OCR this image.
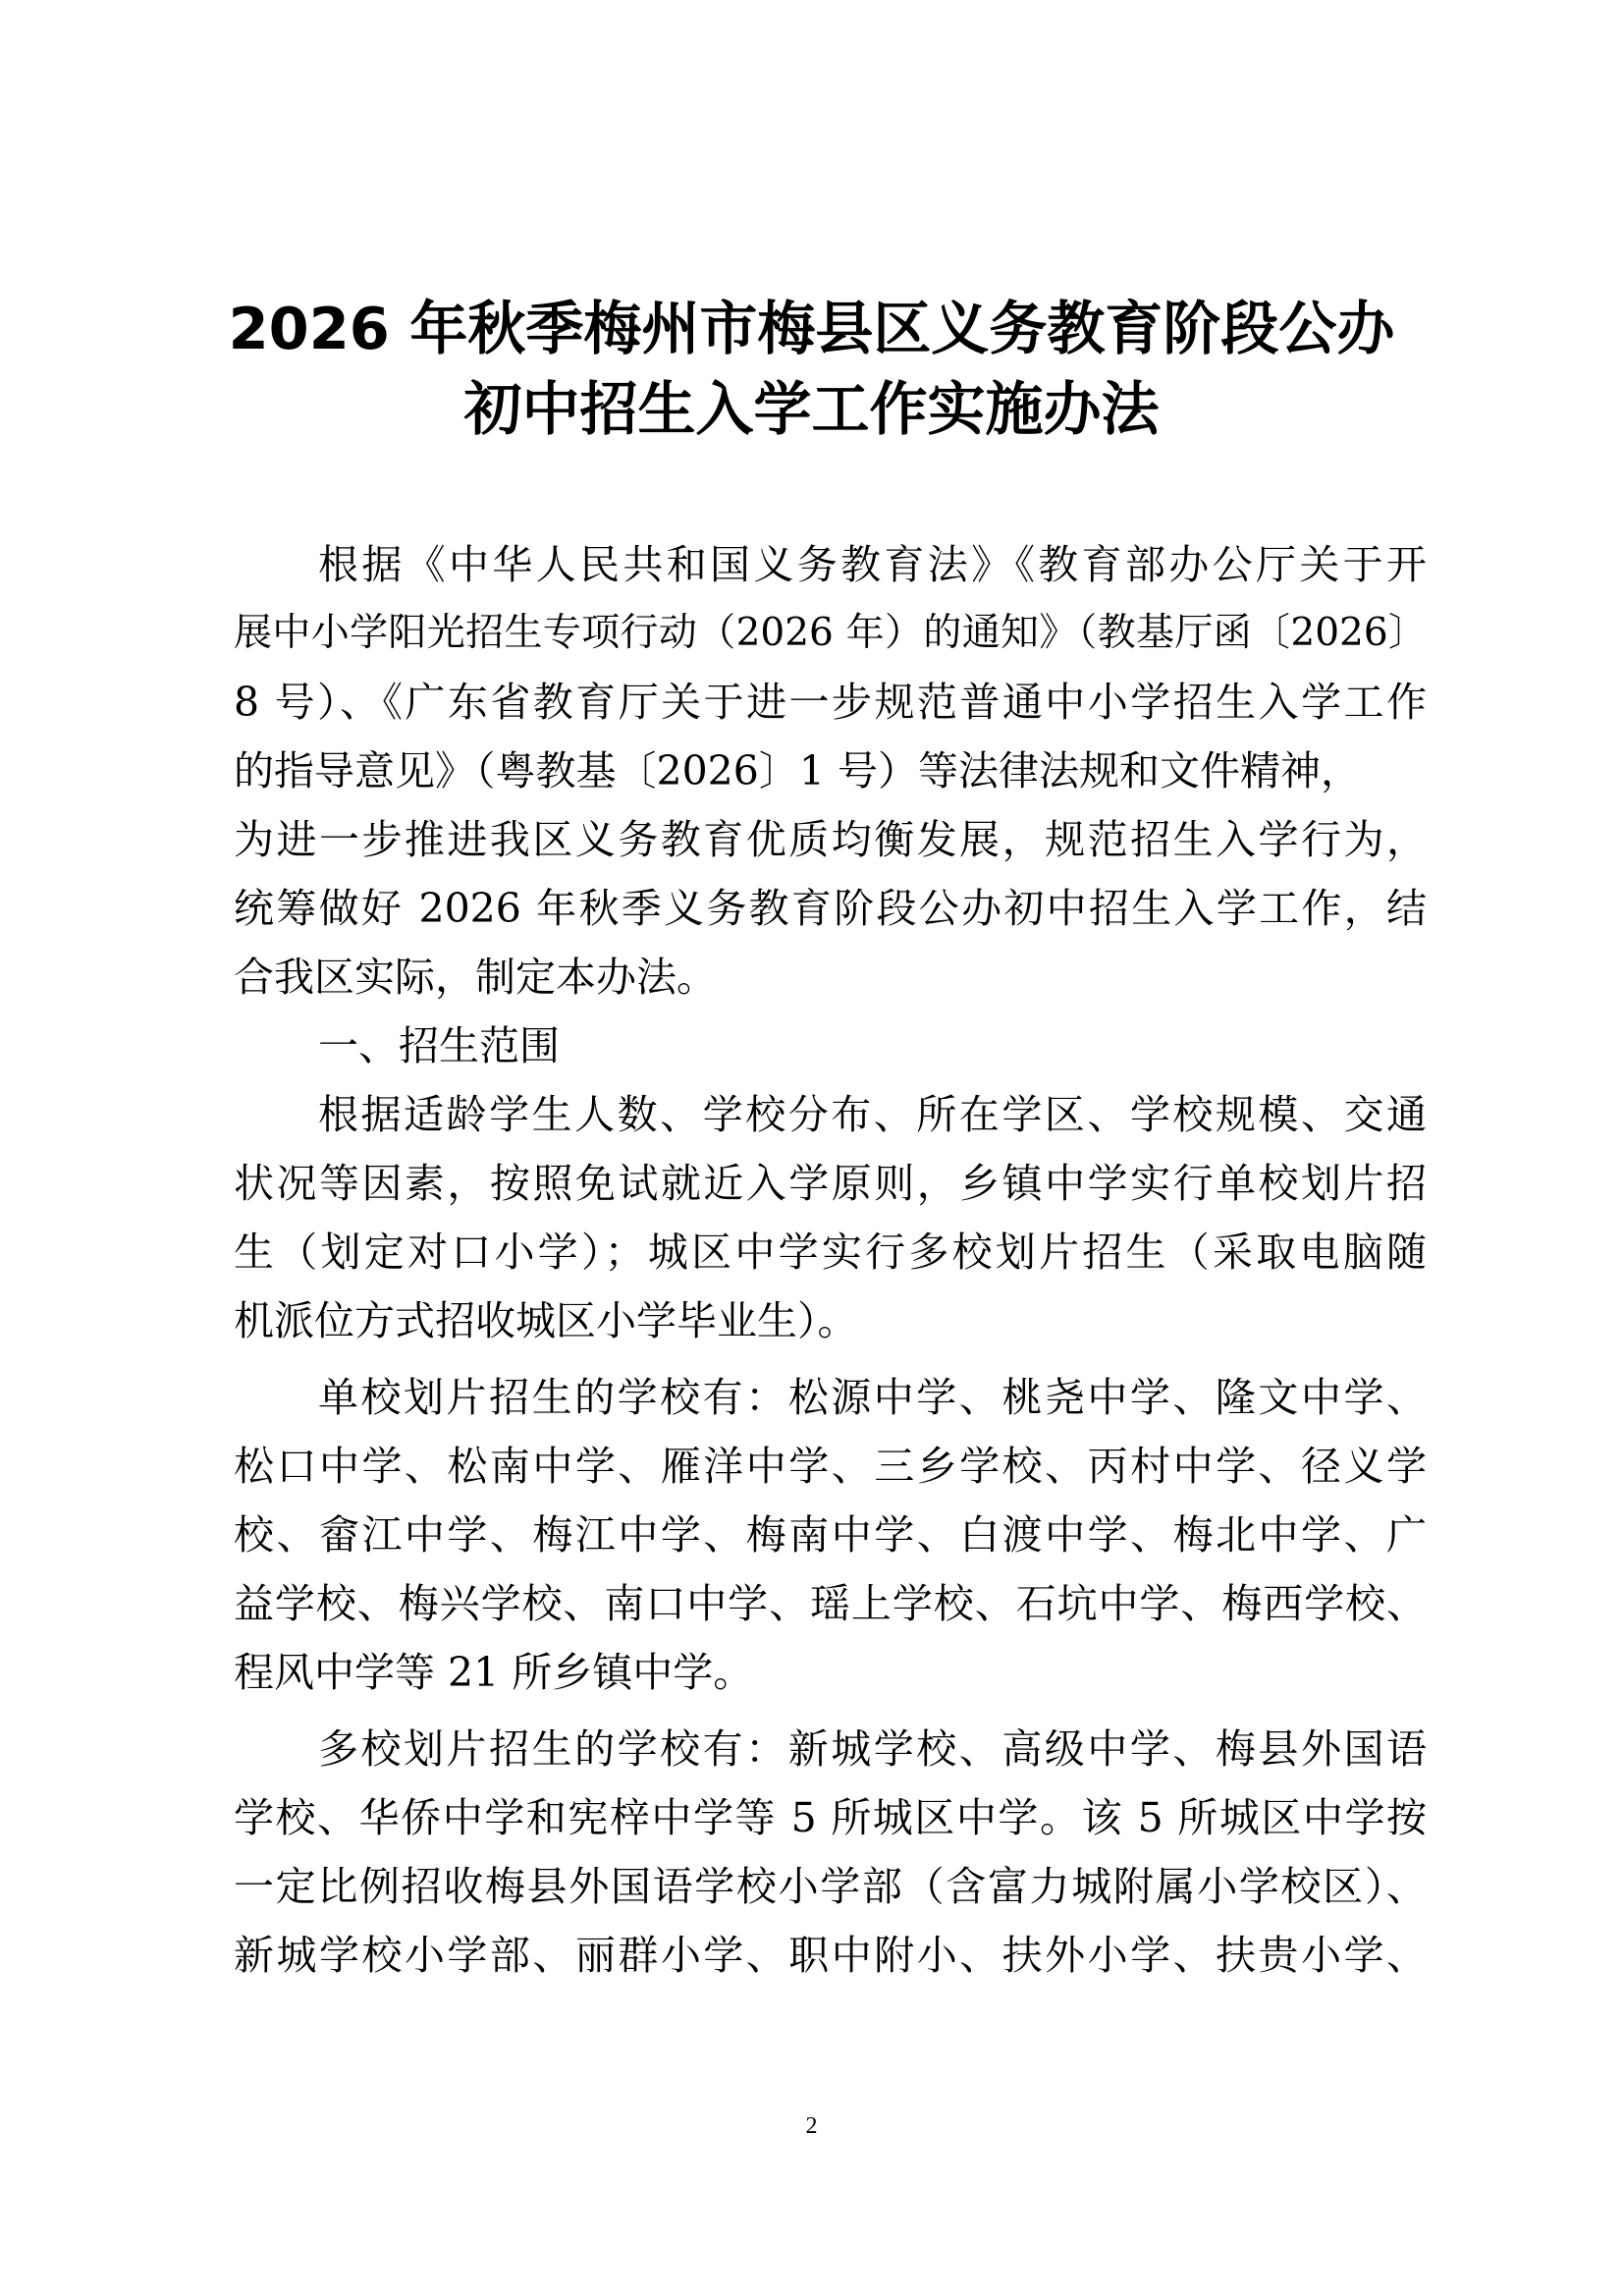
2026 年秋季梅州市梅县区义务教育阶段公办
初中招生入学工作实施办法
根据《中华人民共和国义务教育法》《教育部办公厅关于开
展中小学阳光招生专项行动（2026 年）的通知》（教基厅函〔2026〕
8 号）、《广东省教育厅关于进一步规范普通中小学招生入学工作
的指导意见》（粤教基〔2026〕1 号）等法律法规和文件精神，
为进一步推进我区义务教育优质均衡发展，规范招生入学行为，
统筹做好 2026 年秋季义务教育阶段公办初中招生入学工作，结
合我区实际，制定本办法。
一、招生范围
根据适龄学生人数、学校分布、所在学区、学校规模、交通
状况等因素，按照免试就近入学原则，乡镇中学实行单校划片招
生（划定对口小学）；城区中学实行多校划片招生（采取电脑随
机派位方式招收城区小学毕业生）。
单校划片招生的学校有：松源中学、桃尧中学、隆文中学、
松口中学、松南中学、雁洋中学、三乡学校、丙村中学、径义学
校、畲江中学、梅江中学、梅南中学、白渡中学、梅北中学、广
益学校、梅兴学校、南口中学、瑶上学校、石坑中学、梅西学校、
程风中学等 21 所乡镇中学。
多校划片招生的学校有：新城学校、高级中学、梅县外国语
学校、华侨中学和宪梓中学等 5 所城区中学。该 5 所城区中学按
一定比例招收梅县外国语学校小学部（含富力城附属小学校区）、
新城学校小学部、丽群小学、职中附小、扶外小学、扶贵小学、
2
